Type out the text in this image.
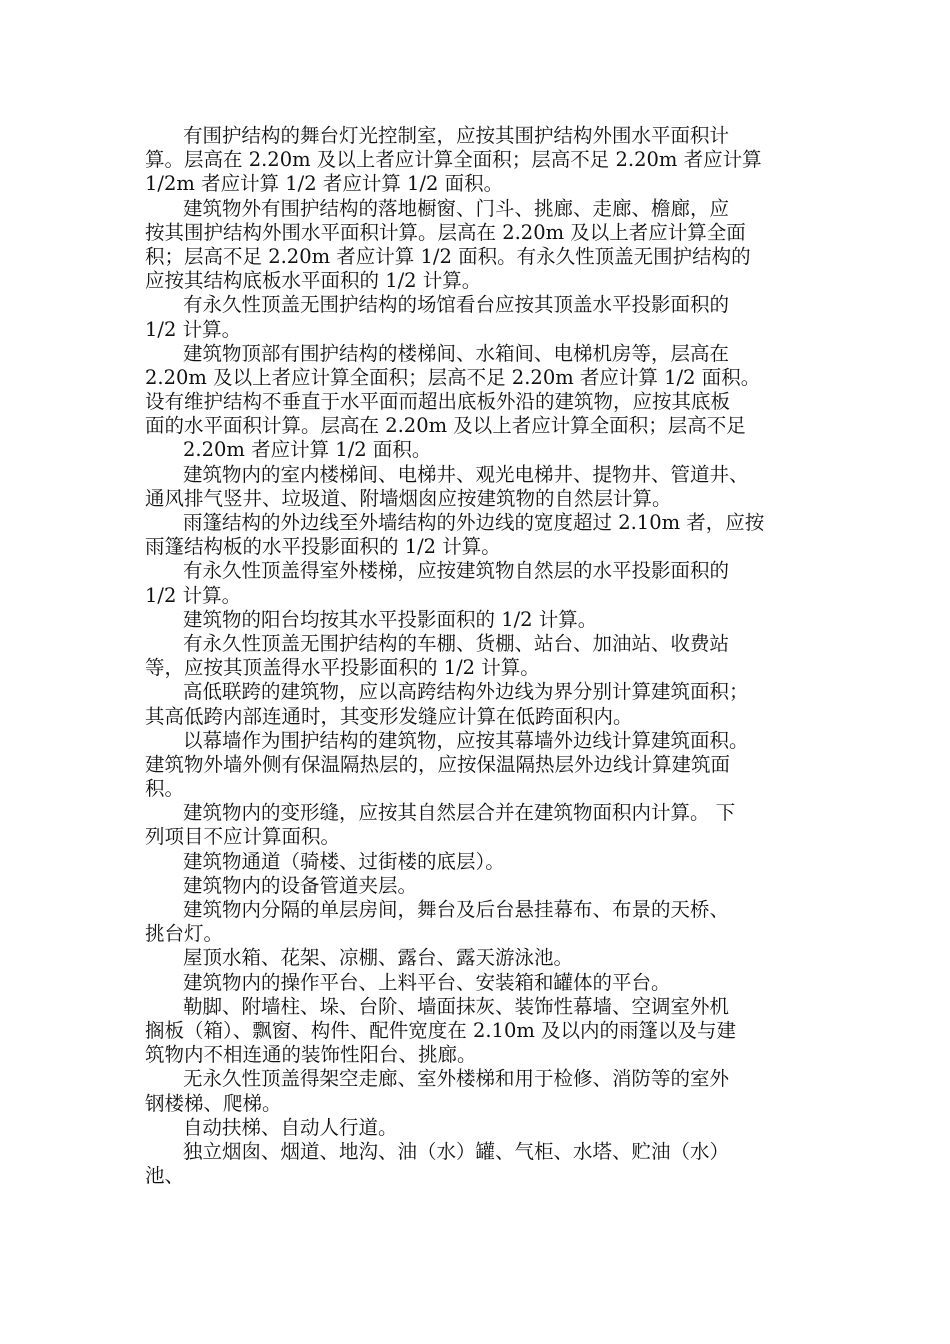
有围护结构的舞台灯光控制室，应按其围护结构外围水平面积计
算。层高在 2.20m 及以上者应计算全面积；层高不足 2.20m 者应计算
1/2m 者应计算 1/2 者应计算 1/2 面积。
建筑物外有围护结构的落地橱窗、门斗、挑廊、走廊、檐廊，应
按其围护结构外围水平面积计算。层高在 2.20m 及以上者应计算全面
积；层高不足 2.20m 者应计算 1/2 面积。有永久性顶盖无围护结构的
应按其结构底板水平面积的 1/2 计算。
有永久性顶盖无围护结构的场馆看台应按其顶盖水平投影面积的
1/2 计算。
建筑物顶部有围护结构的楼梯间、水箱间、电梯机房等，层高在
2.20m 及以上者应计算全面积；层高不足 2.20m 者应计算 1/2 面积。
设有维护结构不垂直于水平面而超出底板外沿的建筑物，应按其底板
面的水平面积计算。层高在 2.20m 及以上者应计算全面积；层高不足
2.20m 者应计算 1/2 面积。
建筑物内的室内楼梯间、电梯井、观光电梯井、提物井、管道井、
通风排气竖井、垃圾道、附墙烟囱应按建筑物的自然层计算。
雨篷结构的外边线至外墙结构的外边线的宽度超过 2.10m 者，应按
雨篷结构板的水平投影面积的 1/2 计算。
有永久性顶盖得室外楼梯，应按建筑物自然层的水平投影面积的
1/2 计算。
建筑物的阳台均按其水平投影面积的 1/2 计算。
有永久性顶盖无围护结构的车棚、货棚、站台、加油站、收费站
等，应按其顶盖得水平投影面积的 1/2 计算。
高低联跨的建筑物，应以高跨结构外边线为界分别计算建筑面积；
其高低跨内部连通时，其变形发缝应计算在低跨面积内。
以幕墙作为围护结构的建筑物，应按其幕墙外边线计算建筑面积。
建筑物外墙外侧有保温隔热层的，应按保温隔热层外边线计算建筑面
积。
建筑物内的变形缝，应按其自然层合并在建筑物面积内计算。 下
列项目不应计算面积。
建筑物通道（骑楼、过街楼的底层）。
建筑物内的设备管道夹层。
建筑物内分隔的单层房间，舞台及后台悬挂幕布、布景的天桥、
挑台灯。
屋顶水箱、花架、凉棚、露台、露天游泳池。
建筑物内的操作平台、上料平台、安装箱和罐体的平台。
勒脚、附墙柱、垛、台阶、墙面抹灰、装饰性幕墙、空调室外机
搁板（箱）、飘窗、构件、配件宽度在 2.10m 及以内的雨篷以及与建
筑物内不相连通的装饰性阳台、挑廊。
无永久性顶盖得架空走廊、室外楼梯和用于检修、消防等的室外
钢楼梯、爬梯。
自动扶梯、自动人行道。
独立烟囱、烟道、地沟、油（水）罐、气柜、水塔、贮油（水）
池、
